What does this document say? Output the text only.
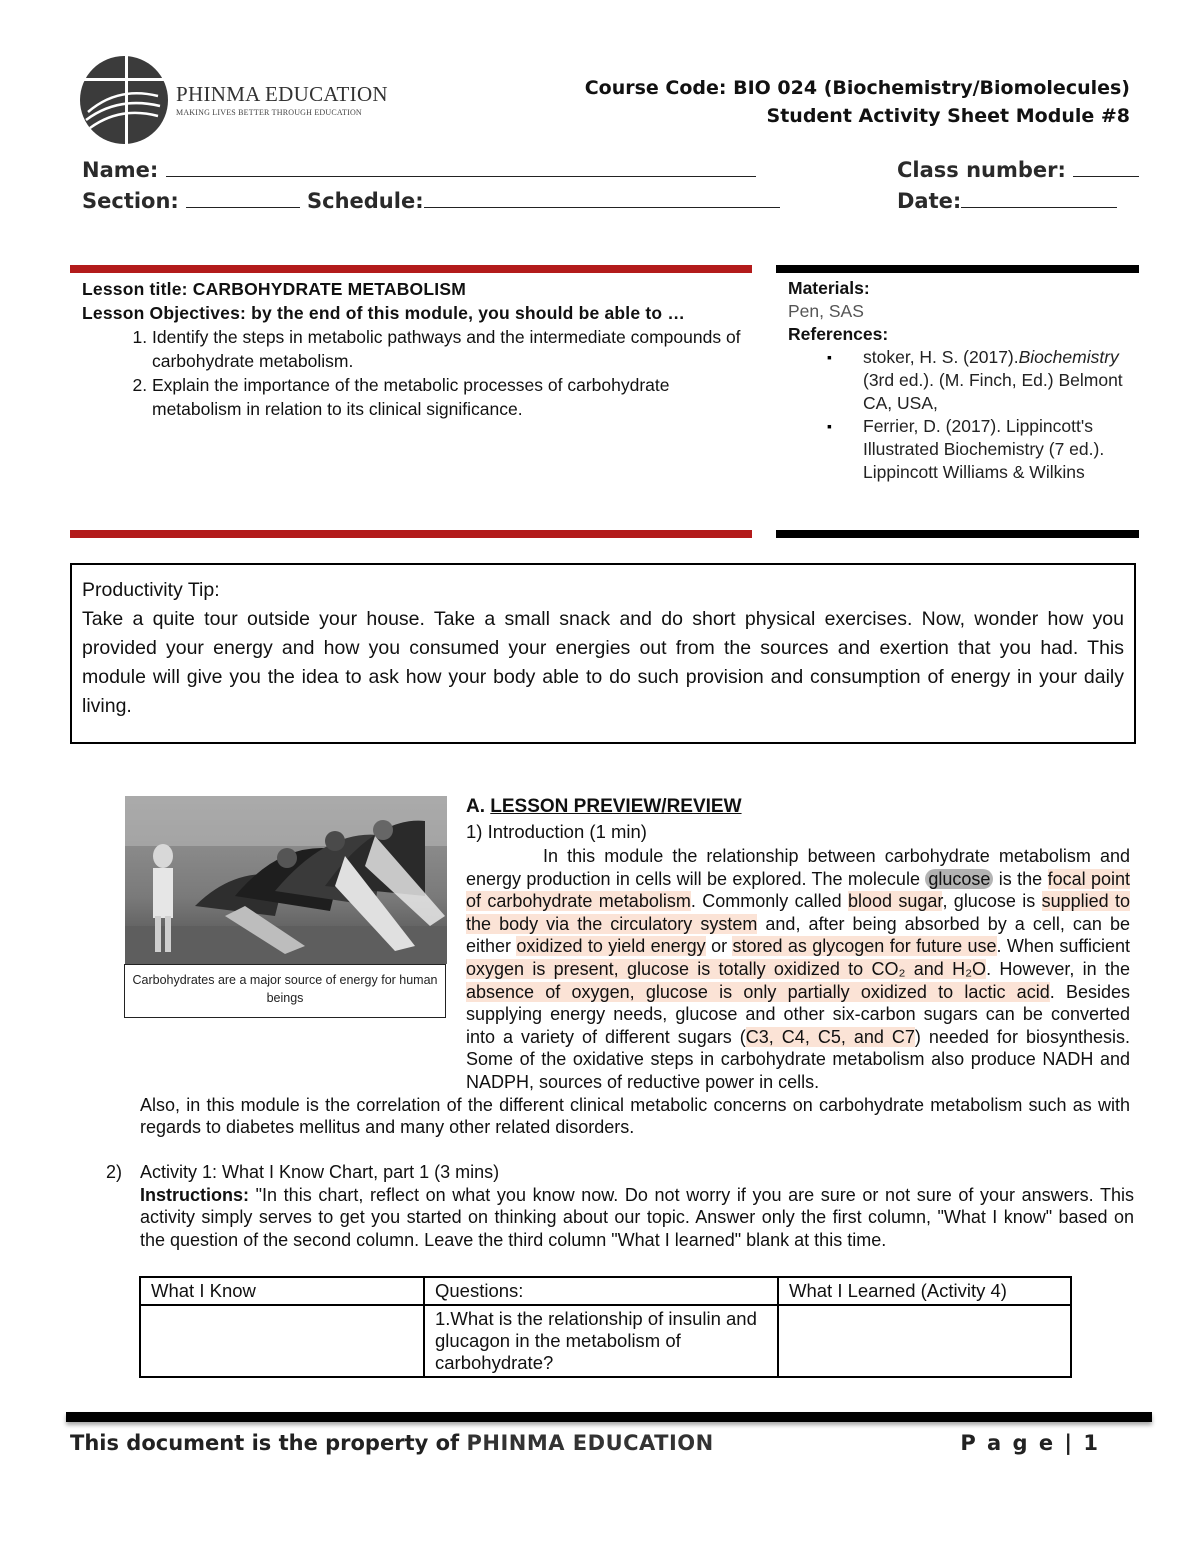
PHINMA EDUCATION
MAKING LIVES BETTER THROUGH EDUCATION
Course Code: BIO 024 (Biochemistry/Biomolecules)
Student Activity Sheet Module #8
Name:	Class number:
Section:	Schedule:	Date:
Lesson title: CARBOHYDRATE METABOLISM
Lesson Objectives: by the end of this module, you should be able to …
1. Identify the steps in metabolic pathways and the intermediate compounds of carbohydrate metabolism.
2. Explain the importance of the metabolic processes of carbohydrate metabolism in relation to its clinical significance.
Materials:
Pen, SAS
References:
▪ stoker, H. S. (2017).Biochemistry (3rd ed.). (M. Finch, Ed.) Belmont CA, USA,
▪ Ferrier, D. (2017). Lippincott's Illustrated Biochemistry (7 ed.). Lippincott Williams & Wilkins
Productivity Tip:
Take a quite tour outside your house. Take a small snack and do short physical exercises. Now, wonder how you provided your energy and how you consumed your energies out from the sources and exertion that you had. This module will give you the idea to ask how your body able to do such provision and consumption of energy in your daily living.
Carbohydrates are a major source of energy for human beings
A. LESSON PREVIEW/REVIEW
1) Introduction (1 min)
In this module the relationship between carbohydrate metabolism and energy production in cells will be explored. The molecule glucose is the focal point of carbohydrate metabolism. Commonly called blood sugar, glucose is supplied to the body via the circulatory system and, after being absorbed by a cell, can be either oxidized to yield energy or stored as glycogen for future use. When sufficient oxygen is present, glucose is totally oxidized to CO₂ and H₂O. However, in the absence of oxygen, glucose is only partially oxidized to lactic acid. Besides supplying energy needs, glucose and other six-carbon sugars can be converted into a variety of different sugars (C3, C4, C5, and C7) needed for biosynthesis. Some of the oxidative steps in carbohydrate metabolism also produce NADH and NADPH, sources of reductive power in cells.
Also, in this module is the correlation of the different clinical metabolic concerns on carbohydrate metabolism such as with regards to diabetes mellitus and many other related disorders.
2) Activity 1: What I Know Chart, part 1 (3 mins)
Instructions: "In this chart, reflect on what you know now. Do not worry if you are sure or not sure of your answers. This activity simply serves to get you started on thinking about our topic. Answer only the first column, "What I know" based on the question of the second column. Leave the third column "What I learned" blank at this time.
What I Know	Questions:	What I Learned (Activity 4)
	1.What is the relationship of insulin and glucagon in the metabolism of carbohydrate?	
This document is the property of PHINMA EDUCATION	P a g e | 1
